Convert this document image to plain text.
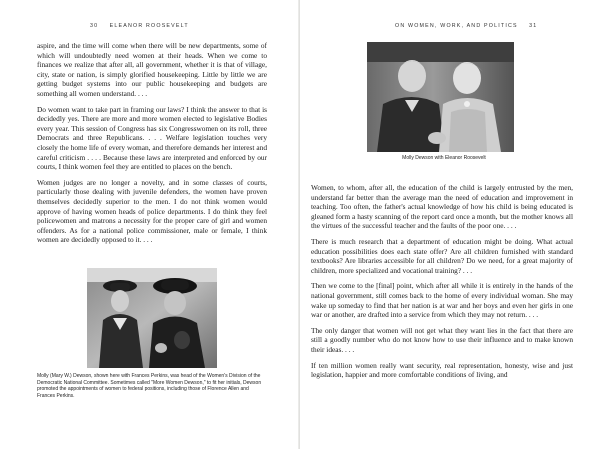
30 ELEANOR ROOSEVELT

aspire, and the time will come when there will be new departments, some of which will undoubtedly need women at their heads. When we come to finances we realize that after all, all government, whether it is that of village, city, state or nation, is simply glorified housekeeping. Little by little we are getting budget systems into our public housekeeping and budgets are something all women understand. . . .

Do women want to take part in framing our laws? I think the answer to that is decidedly yes. There are more and more women elected to legislative Bodies every year. This session of Congress has six Congresswomen on its roll, three Democrats and three Republicans. . . . Welfare legislation touches very closely the home life of every woman, and therefore demands her interest and careful criticism . . . . Because these laws are interpreted and enforced by our courts, I think women feel they are entitled to places on the bench.

Women judges are no longer a novelty, and in some classes of courts, particularly those dealing with juvenile defenders, the women have proven themselves decidedly superior to the men. I do not think women would approve of having women heads of police departments. I do think they feel policewomen and matrons a necessity for the proper care of girl and women offenders. As for a national police commissioner, male or female, I think women are decidedly opposed to it. . . .

Molly (Mary W.) Dewson, shown here with Frances Perkins, was head of the Women's Division of the Democratic National Committee. Sometimes called "More Women Dewson," to fit her initials, Dewson promoted the appointments of women to federal positions, including those of Florence Allen and Frances Perkins.
ON WOMEN, WORK, AND POLITICS 31
Molly Dewson with Eleanor Roosevelt

Women, to whom, after all, the education of the child is largely entrusted by the men, understand far better than the average man the need of education and improvement in teaching. Too often, the father's actual knowledge of how his child is being educated is gleaned form a hasty scanning of the report card once a month, but the mother knows all the virtues of the successful teacher and the faults of the poor one. . . .

There is much research that a department of education might be doing. What actual education possibilities does each state offer? Are all children furnished with standard textbooks? Are libraries accessible for all children? Do we need, for a great majority of children, more specialized and vocational training? . . .

Then we come to the [final] point, which after all while it is entirely in the hands of the national government, still comes back to the home of every individual woman. She may wake up someday to find that her nation is at war and her boys and even her girls in one war or another, are drafted into a service from which they may not return. . . .

The only danger that women will not get what they want lies in the fact that there are still a goodly number who do not know how to use their influence and to make known their ideas. . . .

If ten million women really want security, real representation, honesty, wise and just legislation, happier and more comfortable conditions of living, and
